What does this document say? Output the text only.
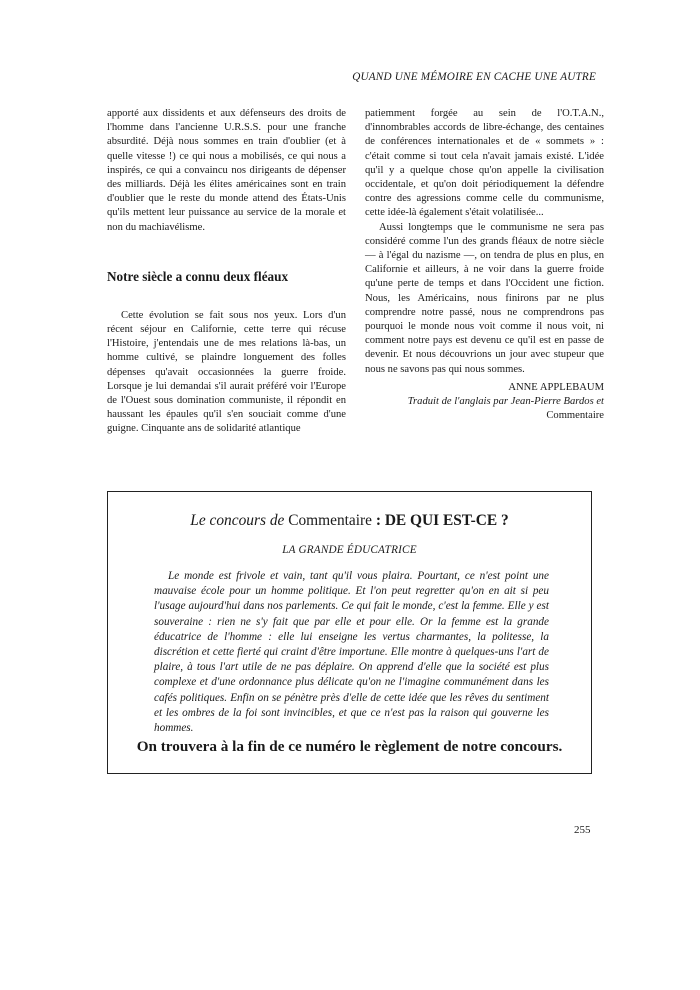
QUAND UNE MÉMOIRE EN CACHE UNE AUTRE

apporté aux dissidents et aux défenseurs des droits de l'homme dans l'ancienne U.R.S.S. pour une franche absurdité. Déjà nous sommes en train d'oublier (et à quelle vitesse !) ce qui nous a mobilisés, ce qui nous a inspirés, ce qui a convaincu nos dirigeants de dépenser des milliards. Déjà les élites américaines sont en train d'oublier que le reste du monde attend des États-Unis qu'ils mettent leur puissance au service de la morale et non du machiavélisme.

Notre siècle a connu deux fléaux

Cette évolution se fait sous nos yeux. Lors d'un récent séjour en Californie, cette terre qui récuse l'Histoire, j'entendais une de mes relations là-bas, un homme cultivé, se plaindre longuement des folles dépenses qu'avait occasionnées la guerre froide. Lorsque je lui demandai s'il aurait préféré voir l'Europe de l'Ouest sous domination communiste, il répondit en haussant les épaules qu'il s'en souciait comme d'une guigne. Cinquante ans de solidarité atlantique

patiemment forgée au sein de l'O.T.A.N., d'innombrables accords de libre-échange, des centaines de conférences internationales et de « sommets » : c'était comme si tout cela n'avait jamais existé. L'idée qu'il y a quelque chose qu'on appelle la civilisation occidentale, et qu'on doit périodiquement la défendre contre des agressions comme celle du communisme, cette idée-là également s'était volatilisée...

Aussi longtemps que le communisme ne sera pas considéré comme l'un des grands fléaux de notre siècle — à l'égal du nazisme —, on tendra de plus en plus, en Californie et ailleurs, à ne voir dans la guerre froide qu'une perte de temps et dans l'Occident une fiction. Nous, les Américains, nous finirons par ne plus comprendre notre passé, nous ne comprendrons pas pourquoi le monde nous voit comme il nous voit, ni comment notre pays est devenu ce qu'il est en passe de devenir. Et nous découvrions un jour avec stupeur que nous ne savons pas qui nous sommes.

ANNE APPLEBAUM
Traduit de l'anglais par Jean-Pierre Bardos et
Commentaire
Le concours de Commentaire : DE QUI EST-CE ?
LA GRANDE ÉDUCATRICE

Le monde est frivole et vain, tant qu'il vous plaira. Pourtant, ce n'est point une mauvaise école pour un homme politique. Et l'on peut regretter qu'on en ait si peu l'usage aujourd'hui dans nos parlements. Ce qui fait le monde, c'est la femme. Elle y est souveraine : rien ne s'y fait que par elle et pour elle. Or la femme est la grande éducatrice de l'homme : elle lui enseigne les vertus charmantes, la politesse, la discrétion et cette fierté qui craint d'être importune. Elle montre à quelques-uns l'art de plaire, à tous l'art utile de ne pas déplaire. On apprend d'elle que la société est plus complexe et d'une ordonnance plus délicate qu'on ne l'imagine communément dans les cafés politiques. Enfin on se pénètre près d'elle de cette idée que les rêves du sentiment et les ombres de la foi sont invincibles, et que ce n'est pas la raison qui gouverne les hommes.

On trouvera à la fin de ce numéro le règlement de notre concours.
255
